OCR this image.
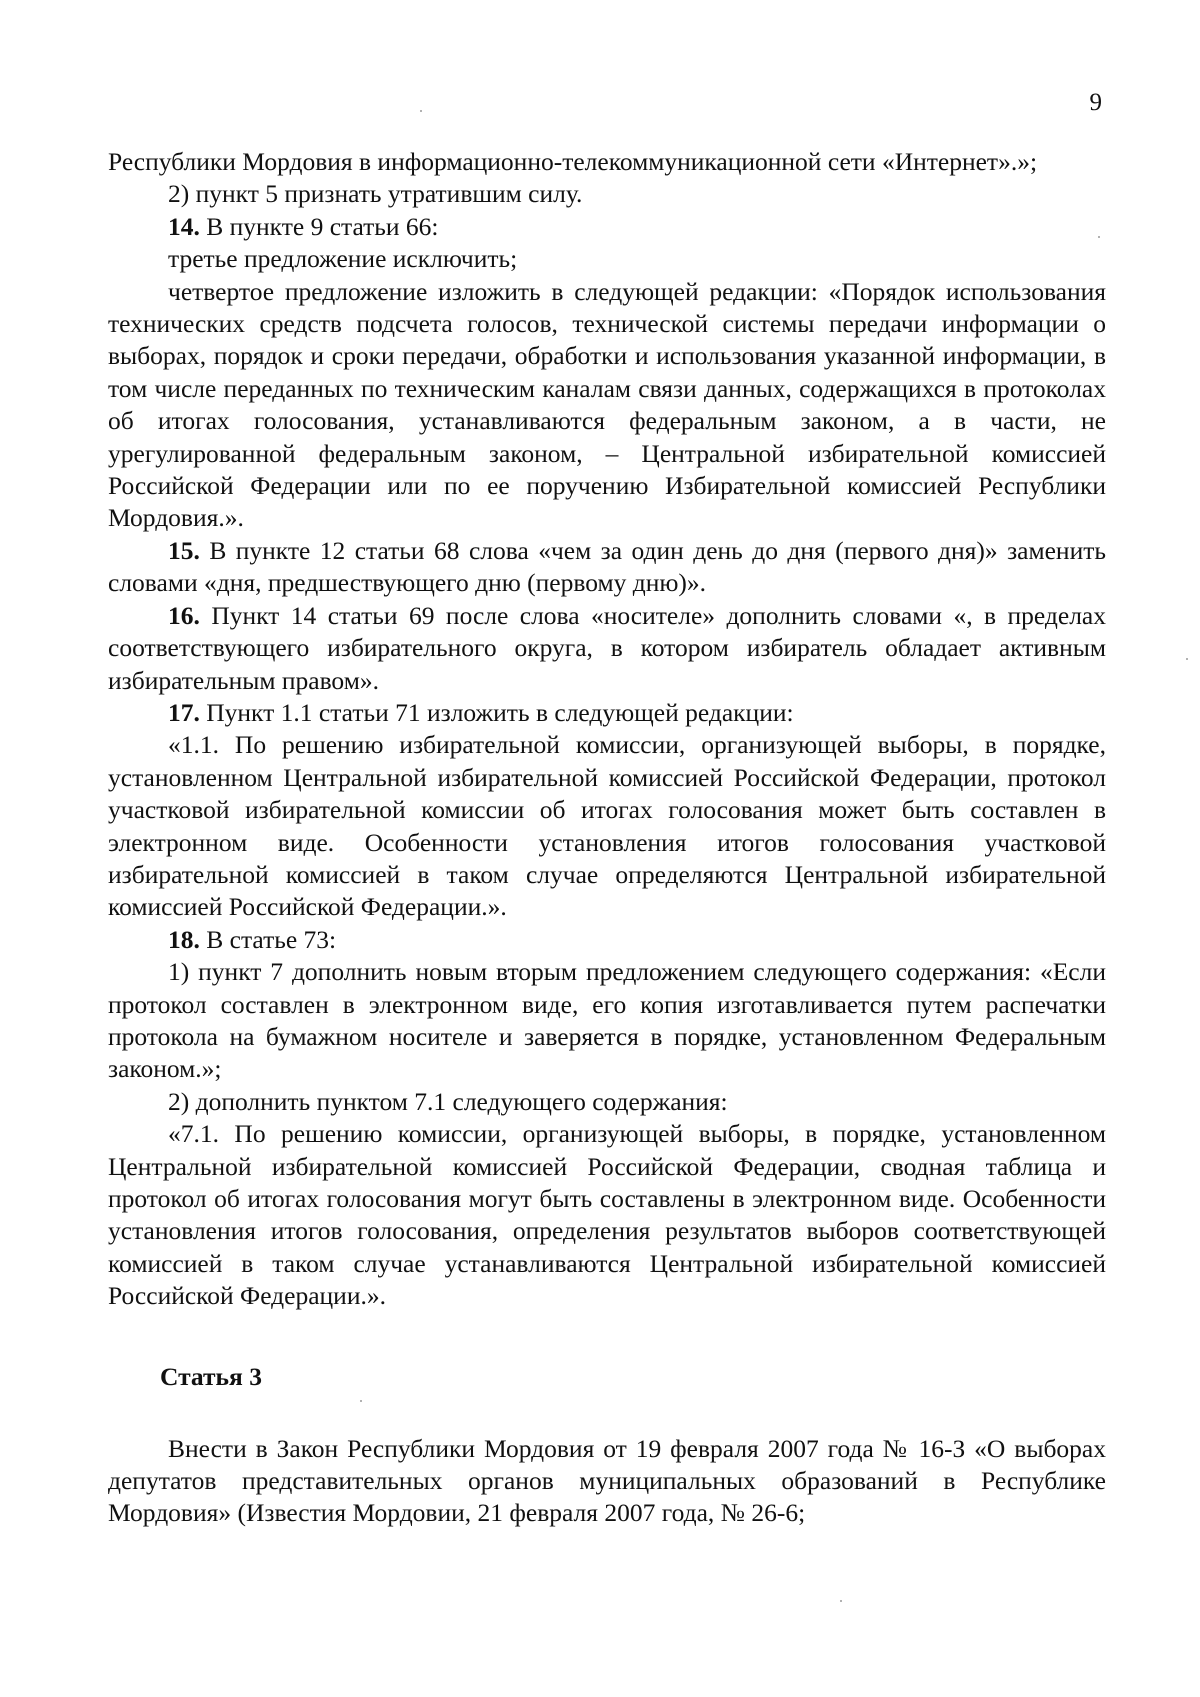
9

Республики Мордовия в информационно-телекоммуникационной сети «Интернет».»;

2) пункт 5 признать утратившим силу.

14. В пункте 9 статьи 66:

третье предложение исключить;

четвертое предложение изложить в следующей редакции: «Порядок использования технических средств подсчета голосов, технической системы передачи информации о выборах, порядок и сроки передачи, обработки и использования указанной информации, в том числе переданных по техническим каналам связи данных, содержащихся в протоколах об итогах голосования, устанавливаются федеральным законом, а в части, не урегулированной федеральным законом, – Центральной избирательной комиссией Российской Федерации или по ее поручению Избирательной комиссией Республики Мордовия.».

15. В пункте 12 статьи 68 слова «чем за один день до дня (первого дня)» заменить словами «дня, предшествующего дню (первому дню)».

16. Пункт 14 статьи 69 после слова «носителе» дополнить словами «, в пределах соответствующего избирательного округа, в котором избиратель обладает активным избирательным правом».

17. Пункт 1.1 статьи 71 изложить в следующей редакции:

«1.1. По решению избирательной комиссии, организующей выборы, в порядке, установленном Центральной избирательной комиссией Российской Федерации, протокол участковой избирательной комиссии об итогах голосования может быть составлен в электронном виде. Особенности установления итогов голосования участковой избирательной комиссией в таком случае определяются Центральной избирательной комиссией Российской Федерации.».

18. В статье 73:

1) пункт 7 дополнить новым вторым предложением следующего содержания: «Если протокол составлен в электронном виде, его копия изготавливается путем распечатки протокола на бумажном носителе и заверяется в порядке, установленном Федеральным законом.»;

2) дополнить пунктом 7.1 следующего содержания:

«7.1. По решению комиссии, организующей выборы, в порядке, установленном Центральной избирательной комиссией Российской Федерации, сводная таблица и протокол об итогах голосования могут быть составлены в электронном виде. Особенности установления итогов голосования, определения результатов выборов соответствующей комиссией в таком случае устанавливаются Центральной избирательной комиссией Российской Федерации.».

Статья 3

Внести в Закон Республики Мордовия от 19 февраля 2007 года № 16-З «О выборах депутатов представительных органов муниципальных образований в Республике Мордовия» (Известия Мордовии, 21 февраля 2007 года, № 26-6;
